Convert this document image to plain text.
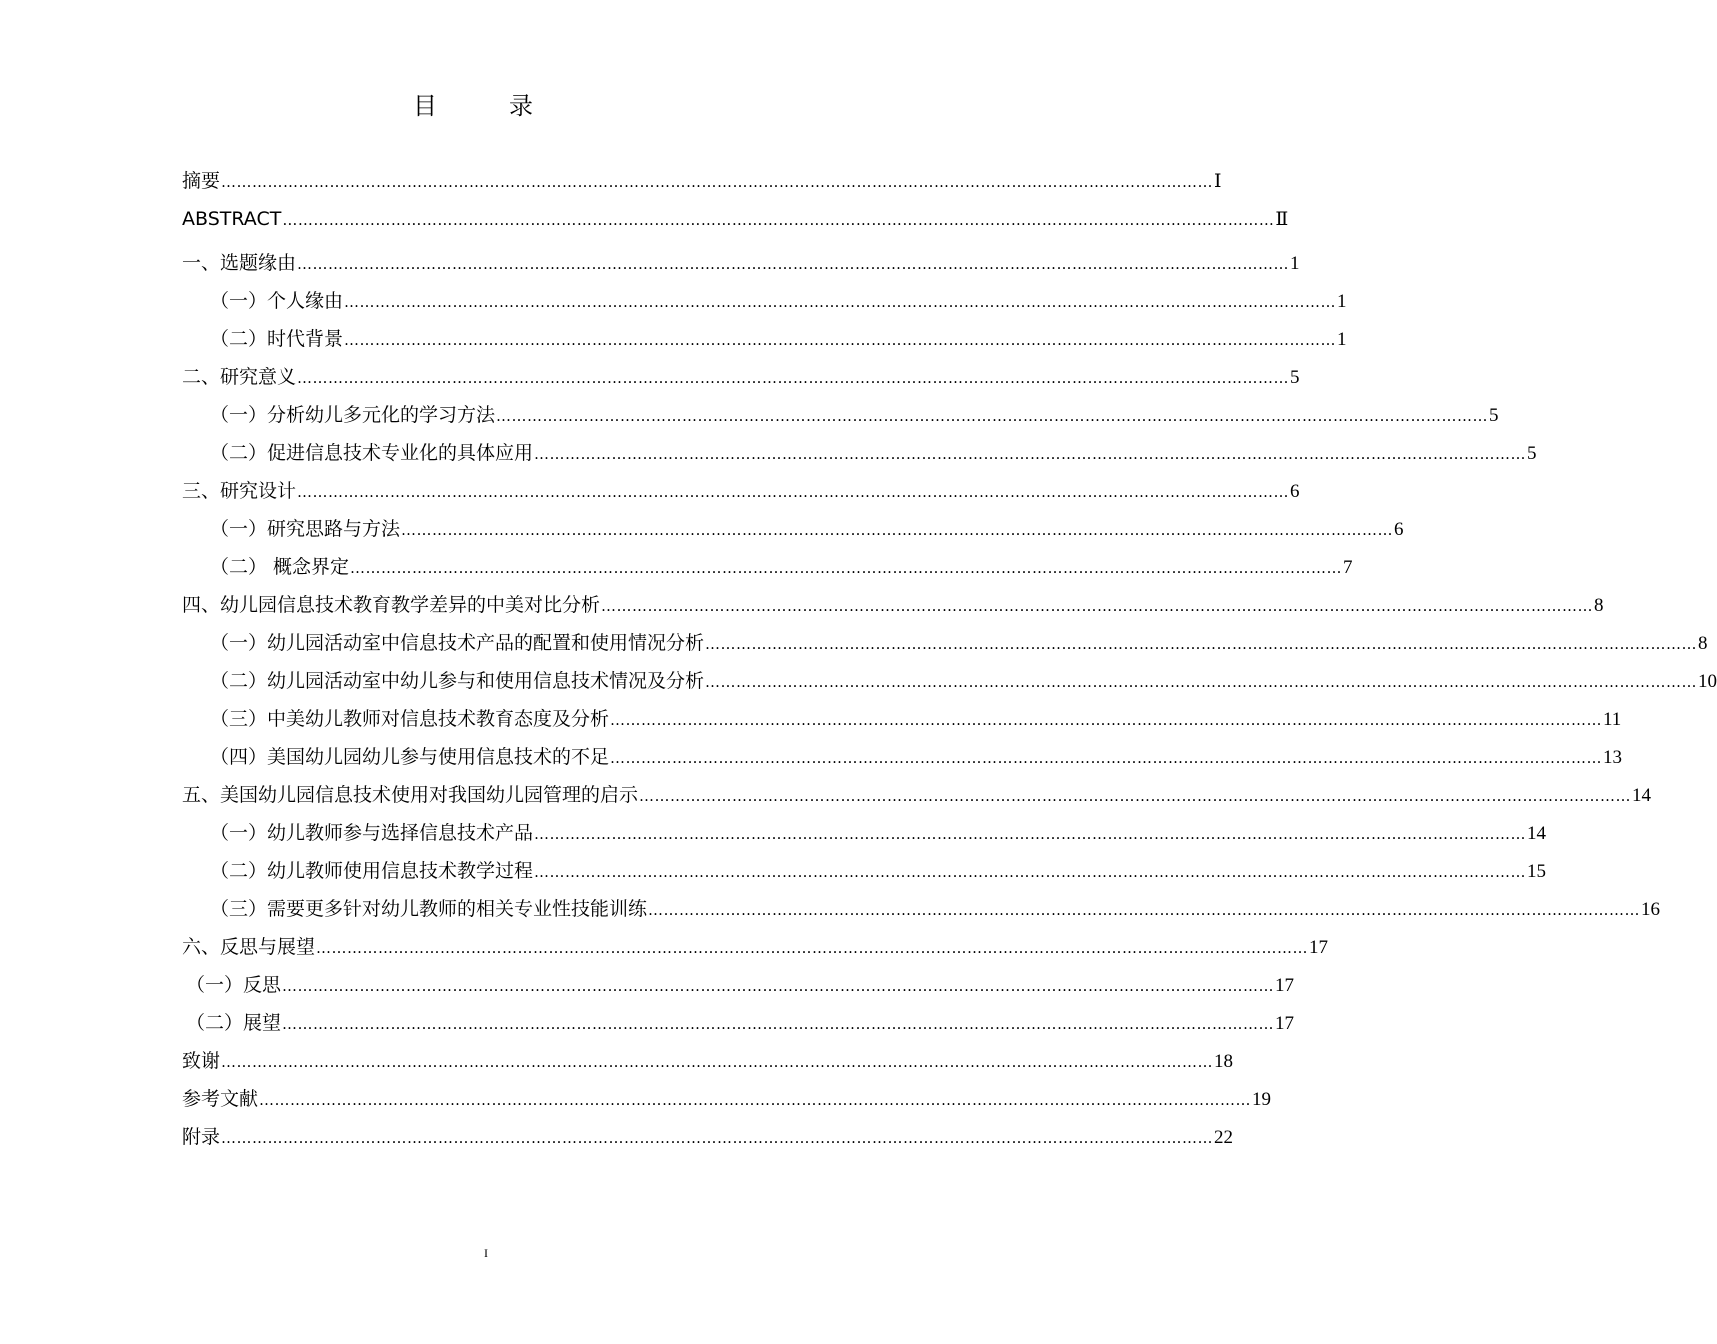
目　录
摘要 ………………………………………………………………………………………………………………………………………………………………………… Ⅰ
ABSTRACT ………………………………………………………………………………………………………………………………………………………………………… Ⅱ
一、选题缘由 ………………………………………………………………………………………………………………………………………………………………………… 1
（一）个人缘由 ………………………………………………………………………………………………………………………………………………………………………… 1
（二）时代背景 ………………………………………………………………………………………………………………………………………………………………………… 1
二、研究意义 ………………………………………………………………………………………………………………………………………………………………………… 5
（一）分析幼儿多元化的学习方法 ………………………………………………………………………………………………………………………………………………………………………… 5
（二）促进信息技术专业化的具体应用 ………………………………………………………………………………………………………………………………………………………………………… 5
三、研究设计 ………………………………………………………………………………………………………………………………………………………………………… 6
（一）研究思路与方法 ………………………………………………………………………………………………………………………………………………………………………… 6
（二） 概念界定 ………………………………………………………………………………………………………………………………………………………………………… 7
四、幼儿园信息技术教育教学差异的中美对比分析 ………………………………………………………………………………………………………………………………………………………………………… 8
（一）幼儿园活动室中信息技术产品的配置和使用情况分析 ………………………………………………………………………………………………………………………………………………………………………… 8
（二）幼儿园活动室中幼儿参与和使用信息技术情况及分析 ………………………………………………………………………………………………………………………………………………………………………… 10
（三）中美幼儿教师对信息技术教育态度及分析 ………………………………………………………………………………………………………………………………………………………………………… 11
（四）美国幼儿园幼儿参与使用信息技术的不足 ………………………………………………………………………………………………………………………………………………………………………… 13
五、美国幼儿园信息技术使用对我国幼儿园管理的启示 ………………………………………………………………………………………………………………………………………………………………………… 14
（一）幼儿教师参与选择信息技术产品 ………………………………………………………………………………………………………………………………………………………………………… 14
（二）幼儿教师使用信息技术教学过程 ………………………………………………………………………………………………………………………………………………………………………… 15
（三）需要更多针对幼儿教师的相关专业性技能训练 ………………………………………………………………………………………………………………………………………………………………………… 16
六、反思与展望 ………………………………………………………………………………………………………………………………………………………………………… 17
（一）反思 ………………………………………………………………………………………………………………………………………………………………………… 17
（二）展望 ………………………………………………………………………………………………………………………………………………………………………… 17
致谢 ………………………………………………………………………………………………………………………………………………………………………… 18
参考文献 ………………………………………………………………………………………………………………………………………………………………………… 19
附录 ………………………………………………………………………………………………………………………………………………………………………… 22
I
